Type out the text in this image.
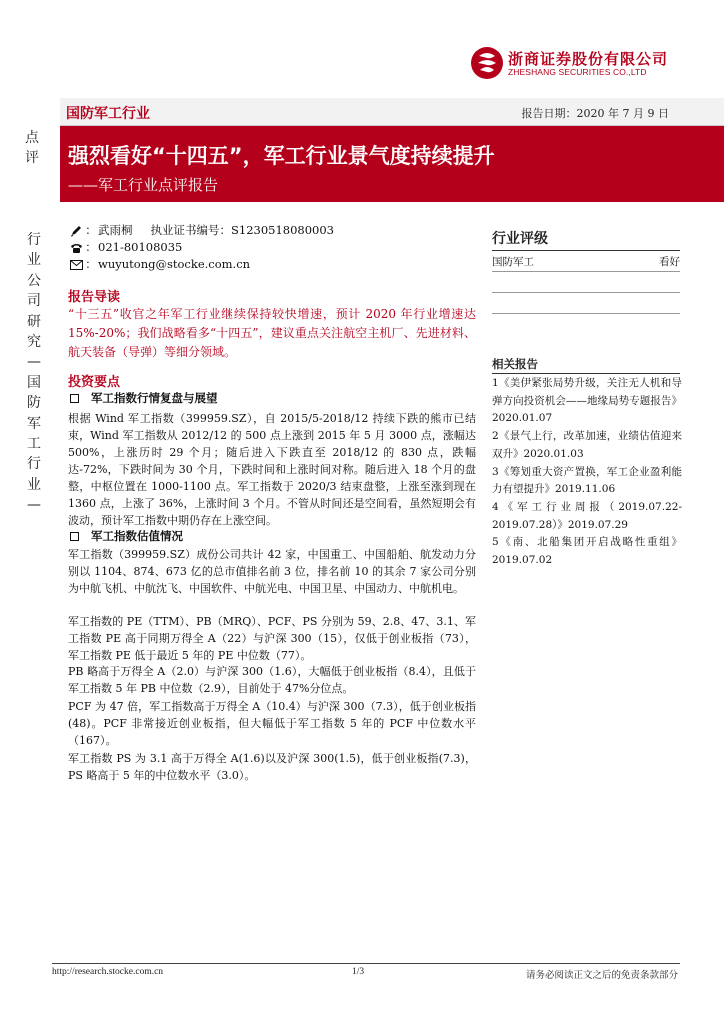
浙商证券股份有限公司
ZHESHANG SECURITIES CO.,LTD
点评
行业公司研究—国防军工行业—
国防军工行业	报告日期：2020 年 7 月 9 日
强烈看好“十四五”，军工行业景气度持续提升
——军工行业点评报告
： 武雨桐 执业证书编号： S1230518080003
： 021-80108035
： wuyutong@stocke.com.cn
报告导读
“十三五”收官之年军工行业继续保持较快增速，预计 2020 年行业增速达 15%-20%；我们战略看多“十四五”，建议重点关注航空主机厂、先进材料、航天装备（导弹）等细分领域。
投资要点
军工指数行情复盘与展望
根据 Wind 军工指数（399959.SZ），自 2015/5-2018/12 持续下跌的熊市已结束，Wind 军工指数从 2012/12 的 500 点上涨到 2015 年 5 月 3000 点，涨幅达 500%，上涨历时 29 个月；随后进入下跌直至 2018/12 的 830 点，跌幅达-72%，下跌时间为 30 个月，下跌时间和上涨时间对称。随后进入 18 个月的盘整，中枢位置在 1000-1100 点。军工指数于 2020/3 结束盘整，上涨至涨到现在 1360 点，上涨了 36%，上涨时间 3 个月。不管从时间还是空间看，虽然短期会有波动，预计军工指数中期仍存在上涨空间。
军工指数估值情况
军工指数（399959.SZ）成份公司共计 42 家，中国重工、中国船舶、航发动力分别以 1104、874、673 亿的总市值排名前 3 位，排名前 10 的其余 7 家公司分别为中航飞机、中航沈飞、中国软件、中航光电、中国卫星、中国动力、中航机电。
军工指数的 PE（TTM）、PB（MRQ）、PCF、PS 分别为 59、2.8、47、3.1、军工指数 PE 高于同期万得全 A（22）与沪深 300（15），仅低于创业板指（73），军工指数 PE 低于最近 5 年的 PE 中位数（77）。
PB 略高于万得全 A（2.0）与沪深 300（1.6），大幅低于创业板指（8.4），且低于军工指数 5 年 PB 中位数（2.9），目前处于 47%分位点。
PCF 为 47 倍，军工指数高于万得全 A（10.4）与沪深 300（7.3），低于创业板指(48)。PCF 非常接近创业板指，但大幅低于军工指数 5 年的 PCF 中位数水平（167）。
军工指数 PS 为 3.1 高于万得全 A(1.6)以及沪深 300(1.5)，低于创业板指(7.3)，PS 略高于 5 年的中位数水平（3.0）。
行业评级
国防军工	看好
相关报告
1《美伊紧张局势升级，关注无人机和导弹方向投资机会——地缘局势专题报告》2020.01.07
2《景气上行，改革加速，业绩估值迎来双升》2020.01.03
3《筹划重大资产置换，军工企业盈利能力有望提升》2019.11.06
4《军工行业周报（2019.07.22-2019.07.28）》2019.07.29
5《南、北船集团开启战略性重组》2019.07.02
http://research.stocke.com.cn	1/3	请务必阅读正文之后的免责条款部分
